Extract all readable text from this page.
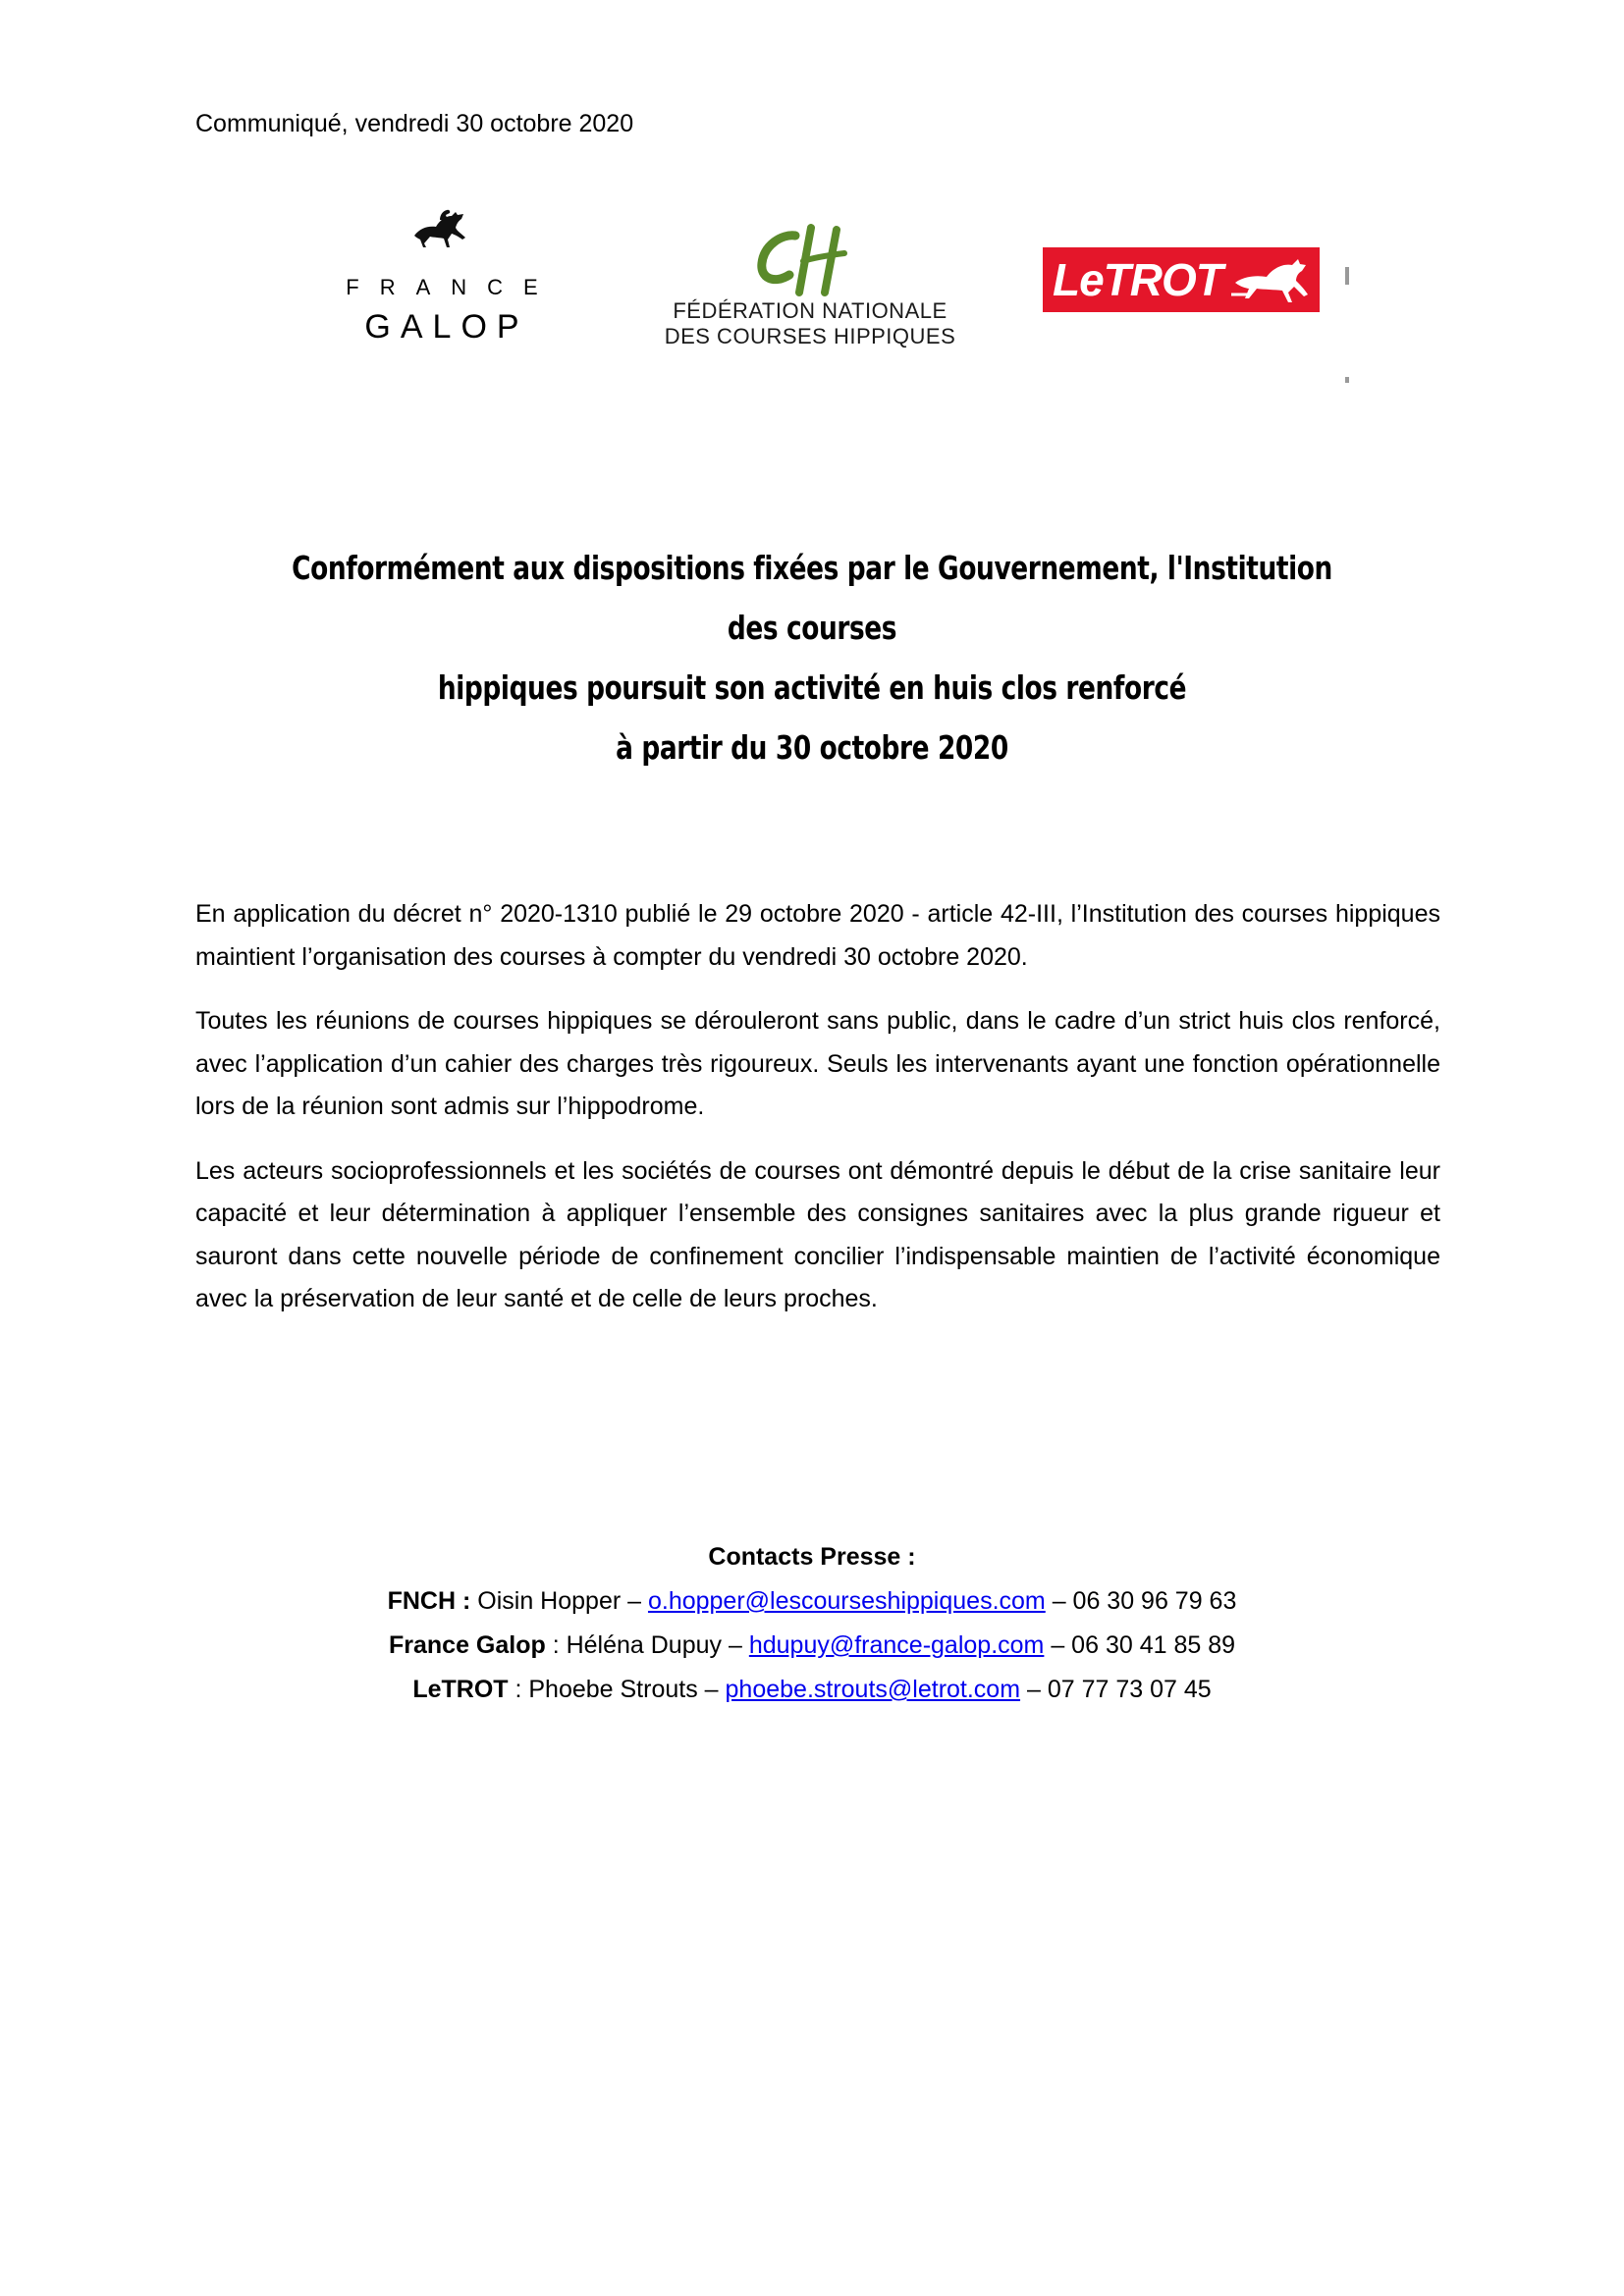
Communiqué, vendredi 30 octobre 2020
FRANCE
GALOP	FÉDÉRATION NATIONALE
DES COURSES HIPPIQUES
LeTROT
Conformément aux dispositions fixées par le Gouvernement, l'Institution des courses
hippiques poursuit son activité en huis clos renforcé
à partir du 30 octobre 2020

En application du décret n° 2020-1310 publié le 29 octobre 2020 - article 42-III, l’Institution des courses hippiques maintient l’organisation des courses à compter du vendredi 30 octobre 2020.

Toutes les réunions de courses hippiques se dérouleront sans public, dans le cadre d’un strict huis clos renforcé, avec l’application d’un cahier des charges très rigoureux. Seuls les intervenants ayant une fonction opérationnelle lors de la réunion sont admis sur l’hippodrome.

Les acteurs socioprofessionnels et les sociétés de courses ont démontré depuis le début de la crise sanitaire leur capacité et leur détermination à appliquer l’ensemble des consignes sanitaires avec la plus grande rigueur et sauront dans cette nouvelle période de confinement concilier l’indispensable maintien de l’activité économique avec la préservation de leur santé et de celle de leurs proches.

Contacts Presse :
FNCH : Oisin Hopper – o.hopper@lescourseshippiques.com – 06 30 96 79 63
France Galop : Héléna Dupuy – hdupuy@france-galop.com – 06 30 41 85 89
LeTROT : Phoebe Strouts – phoebe.strouts@letrot.com – 07 77 73 07 45
